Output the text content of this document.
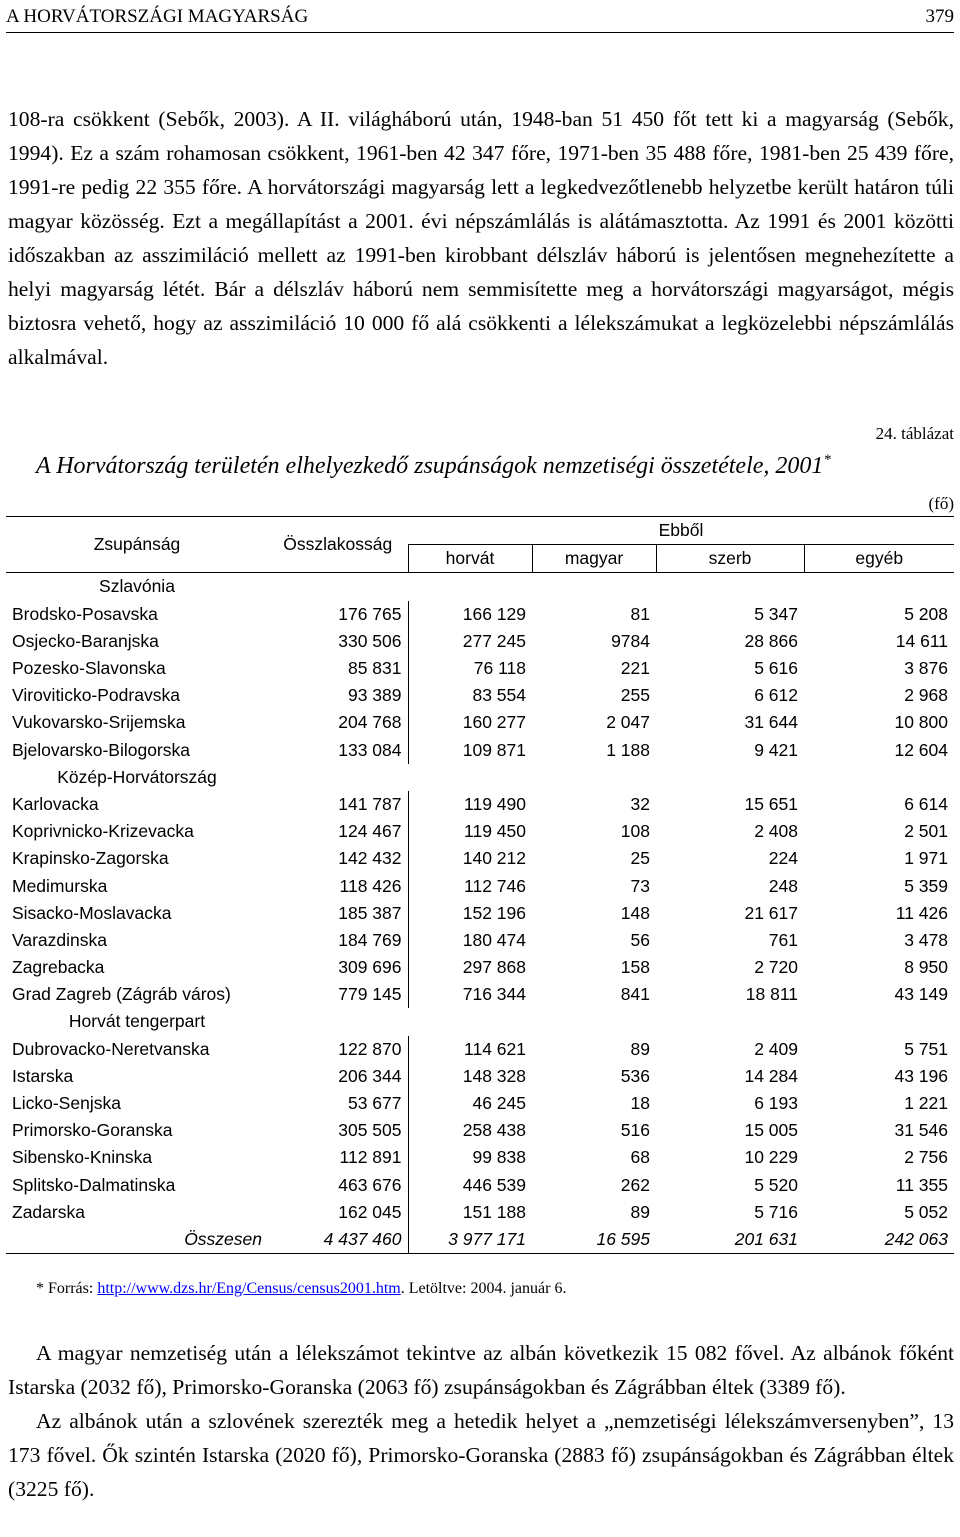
A HORVÁTORSZÁGI MAGYARSÁG	379

108-ra csökkent (Sebők, 2003). A II. világháború után, 1948-ban 51 450 főt tett ki a magyarság (Sebők, 1994). Ez a szám rohamosan csökkent, 1961-ben 42 347 főre, 1971-ben 35 488 főre, 1981-ben 25 439 főre, 1991-re pedig 22 355 főre. A horvátországi magyarság lett a legkedvezőtlenebb helyzetbe került határon túli magyar közösség. Ezt a megállapítást a 2001. évi népszámlálás is alátámasztotta. Az 1991 és 2001 közötti időszakban az asszimiláció mellett az 1991-ben kirobbant délszláv háború is jelentősen megnehezítette a helyi magyarság létét. Bár a délszláv háború nem semmisítette meg a horvátországi magyarságot, mégis biztosra vehető, hogy az asszimiláció 10 000 fő alá csökkenti a lélekszámukat a legközelebbi népszámlálás alkalmával.

24. táblázat
A Horvátország területén elhelyezkedő zsupánságok nemzetiségi összetétele, 2001*
(fő)
Zsupánság	Összlakosság	Ebből			
		horvát	magyar	szerb	egyéb
Szlavónia					
Brodsko-Posavska	176 765	166 129	81	5 347	5 208
Osjecko-Baranjska	330 506	277 245	9784	28 866	14 611
Pozesko-Slavonska	85 831	76 118	221	5 616	3 876
Viroviticko-Podravska	93 389	83 554	255	6 612	2 968
Vukovarsko-Srijemska	204 768	160 277	2 047	31 644	10 800
Bjelovarsko-Bilogorska	133 084	109 871	1 188	9 421	12 604
Közép-Horvátország					
Karlovacka	141 787	119 490	32	15 651	6 614
Koprivnicko-Krizevacka	124 467	119 450	108	2 408	2 501
Krapinsko-Zagorska	142 432	140 212	25	224	1 971
Medimurska	118 426	112 746	73	248	5 359
Sisacko-Moslavacka	185 387	152 196	148	21 617	11 426
Varazdinska	184 769	180 474	56	761	3 478
Zagrebacka	309 696	297 868	158	2 720	8 950
Grad Zagreb (Zágráb város)	779 145	716 344	841	18 811	43 149
Horvát tengerpart					
Dubrovacko-Neretvanska	122 870	114 621	89	2 409	5 751
Istarska	206 344	148 328	536	14 284	43 196
Licko-Senjska	53 677	46 245	18	6 193	1 221
Primorsko-Goranska	305 505	258 438	516	15 005	31 546
Sibensko-Kninska	112 891	99 838	68	10 229	2 756
Splitsko-Dalmatinska	463 676	446 539	262	5 520	11 355
Zadarska	162 045	151 188	89	5 716	5 052
Összesen	4 437 460	3 977 171	16 595	201 631	242 063
* Forrás: http://www.dzs.hr/Eng/Census/census2001.htm. Letöltve: 2004. január 6.

A magyar nemzetiség után a lélekszámot tekintve az albán következik 15 082 fővel. Az albánok főként Istarska (2032 fő), Primorsko-Goranska (2063 fő) zsupánságokban és Zágrábban éltek (3389 fő).

Az albánok után a szlovének szerezték meg a hetedik helyet a „nemzetiségi lélekszámversenyben”, 13 173 fővel. Ők szintén Istarska (2020 fő), Primorsko-Goranska (2883 fő) zsupánságokban és Zágrábban éltek (3225 fő).
